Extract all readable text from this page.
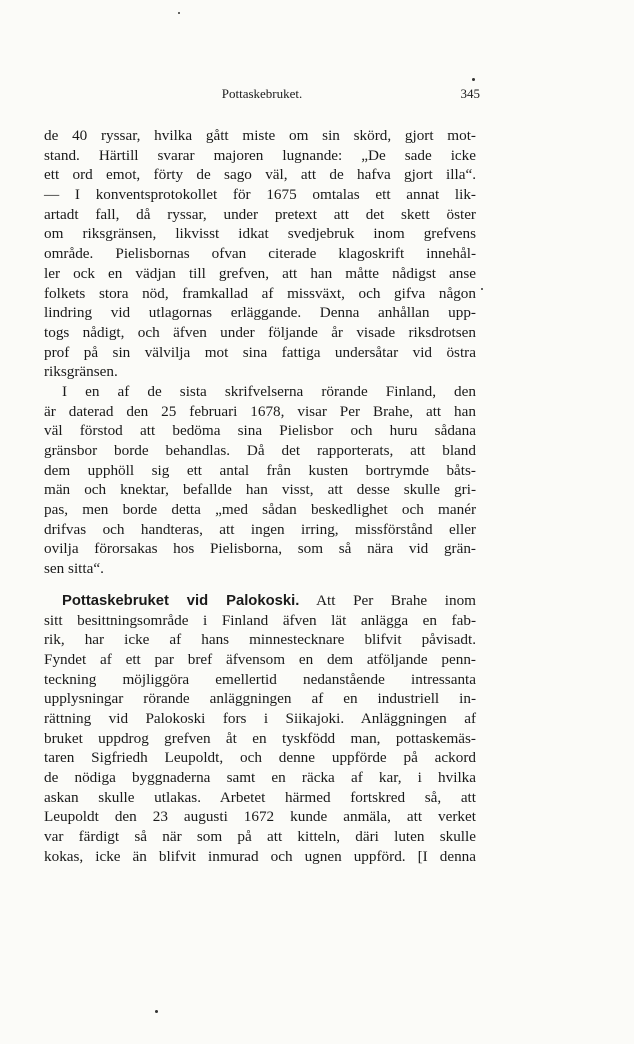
Pottaskebruket.	345
de 40 ryssar, hvilka gått miste om sin skörd, gjort mot-
stand. Härtill svarar majoren lugnande: „De sade icke
ett ord emot, förty de sago väl, att de hafva gjort illa“.
— I konventsprotokollet för 1675 omtalas ett annat lik-
artadt fall, då ryssar, under pretext att det skett öster
om riksgränsen, likvisst idkat svedjebruk inom grefvens
område. Pielisbornas ofvan citerade klagoskrift innehål-
ler ock en vädjan till grefven, att han måtte nådigst anse
folkets stora nöd, framkallad af missväxt, och gifva någon
lindring vid utlagornas erläggande. Denna anhållan upp-
togs nådigt, och äfven under följande år visade riksdrotsen
prof på sin välvilja mot sina fattiga undersåtar vid östra
riksgränsen.
I en af de sista skrifvelserna rörande Finland, den
är daterad den 25 februari 1678, visar Per Brahe, att han
väl förstod att bedöma sina Pielisbor och huru sådana
gränsbor borde behandlas. Då det rapporterats, att bland
dem upphöll sig ett antal från kusten bortrymde båts-
män och knektar, befallde han visst, att desse skulle gri-
pas, men borde detta „med sådan beskedlighet och manér
drifvas och handteras, att ingen irring, missförstånd eller
ovilja förorsakas hos Pielisborna, som så nära vid grän-
sen sitta“.
Pottaskebruket vid Palokoski. Att Per Brahe inom
sitt besittningsområde i Finland äfven lät anlägga en fab-
rik, har icke af hans minnestecknare blifvit påvisadt.
Fyndet af ett par bref äfvensom en dem atföljande penn-
teckning möjliggöra emellertid nedanstående intressanta
upplysningar rörande anläggningen af en industriell in-
rättning vid Palokoski fors i Siikajoki. Anläggningen af
bruket uppdrog grefven åt en tyskfödd man, pottaskemäs-
taren Sigfriedh Leupoldt, och denne uppförde på ackord
de nödiga byggnaderna samt en räcka af kar, i hvilka
askan skulle utlakas. Arbetet härmed fortskred så, att
Leupoldt den 23 augusti 1672 kunde anmäla, att verket
var färdigt så när som på att kitteln, däri luten skulle
kokas, icke än blifvit inmurad och ugnen uppförd. [I denna
